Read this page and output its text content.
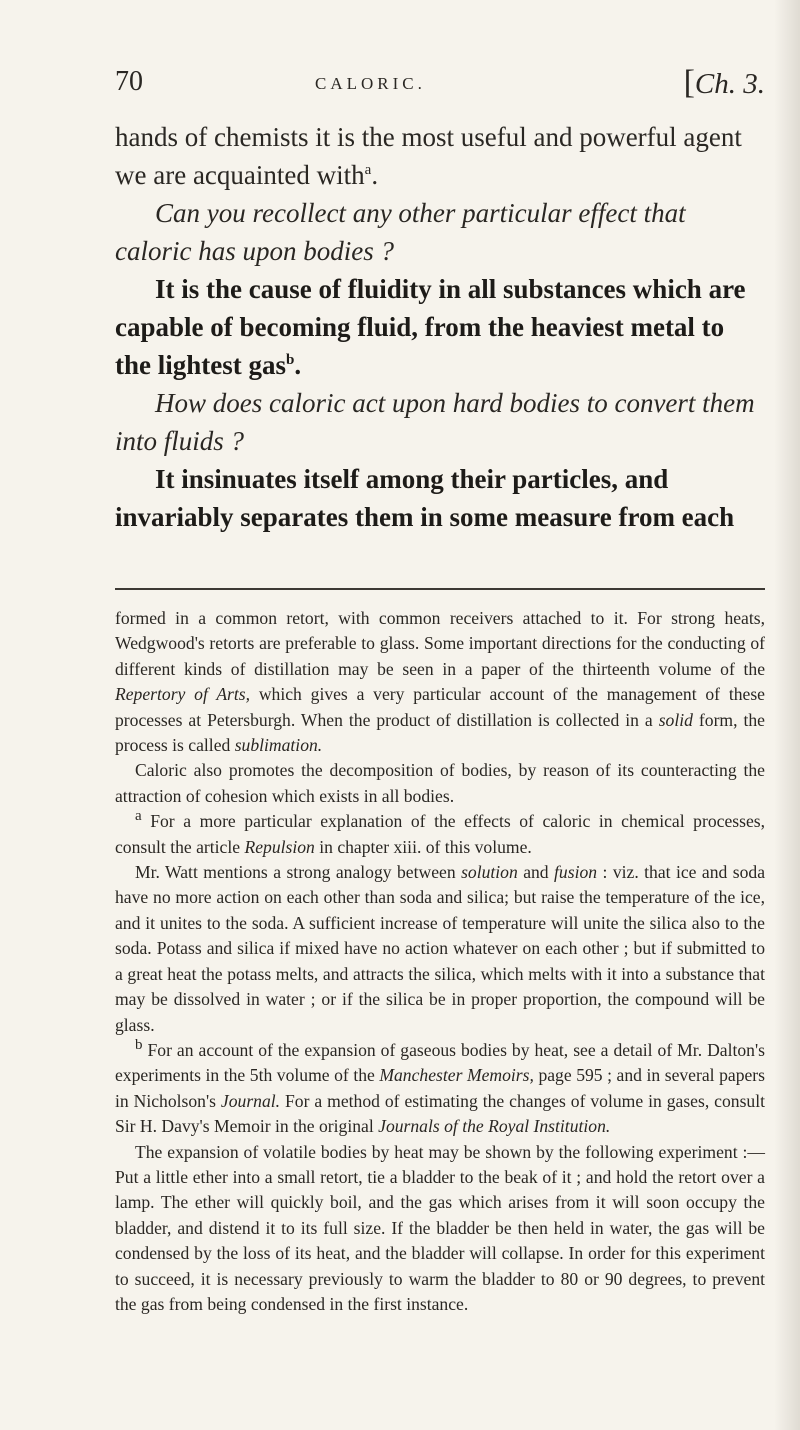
70	CALORIC.	[Ch. 3.

hands of chemists it is the most useful and powerful agent we are acquainted with$^a$.

Can you recollect any other particular effect that caloric has upon bodies ?

It is the cause of fluidity in all substances which are capable of becoming fluid, from the heaviest metal to the lightest gas$^b$.

How does caloric act upon hard bodies to convert them into fluids ?

It insinuates itself among their particles, and invariably separates them in some measure from each

formed in a common retort, with common receivers attached to it. For strong heats, Wedgwood's retorts are preferable to glass. Some important directions for the conducting of different kinds of distillation may be seen in a paper of the thirteenth volume of the Repertory of Arts, which gives a very particular account of the management of these processes at Petersburgh. When the product of distillation is collected in a solid form, the process is called sublimation.

Caloric also promotes the decomposition of bodies, by reason of its counteracting the attraction of cohesion which exists in all bodies.

$^a$ For a more particular explanation of the effects of caloric in chemical processes, consult the article Repulsion in chapter xiii. of this volume.

Mr. Watt mentions a strong analogy between solution and fusion : viz. that ice and soda have no more action on each other than soda and silica; but raise the temperature of the ice, and it unites to the soda. A sufficient increase of temperature will unite the silica also to the soda. Potass and silica if mixed have no action whatever on each other ; but if submitted to a great heat the potass melts, and attracts the silica, which melts with it into a substance that may be dissolved in water ; or if the silica be in proper proportion, the compound will be glass.

$^b$ For an account of the expansion of gaseous bodies by heat, see a detail of Mr. Dalton's experiments in the 5th volume of the Manchester Memoirs, page 595 ; and in several papers in Nicholson's Journal. For a method of estimating the changes of volume in gases, consult Sir H. Davy's Memoir in the original Journals of the Royal Institution.

The expansion of volatile bodies by heat may be shown by the following experiment :—Put a little ether into a small retort, tie a bladder to the beak of it ; and hold the retort over a lamp. The ether will quickly boil, and the gas which arises from it will soon occupy the bladder, and distend it to its full size. If the bladder be then held in water, the gas will be condensed by the loss of its heat, and the bladder will collapse. In order for this experiment to succeed, it is necessary previously to warm the bladder to 80 or 90 degrees, to prevent the gas from being condensed in the first instance.
